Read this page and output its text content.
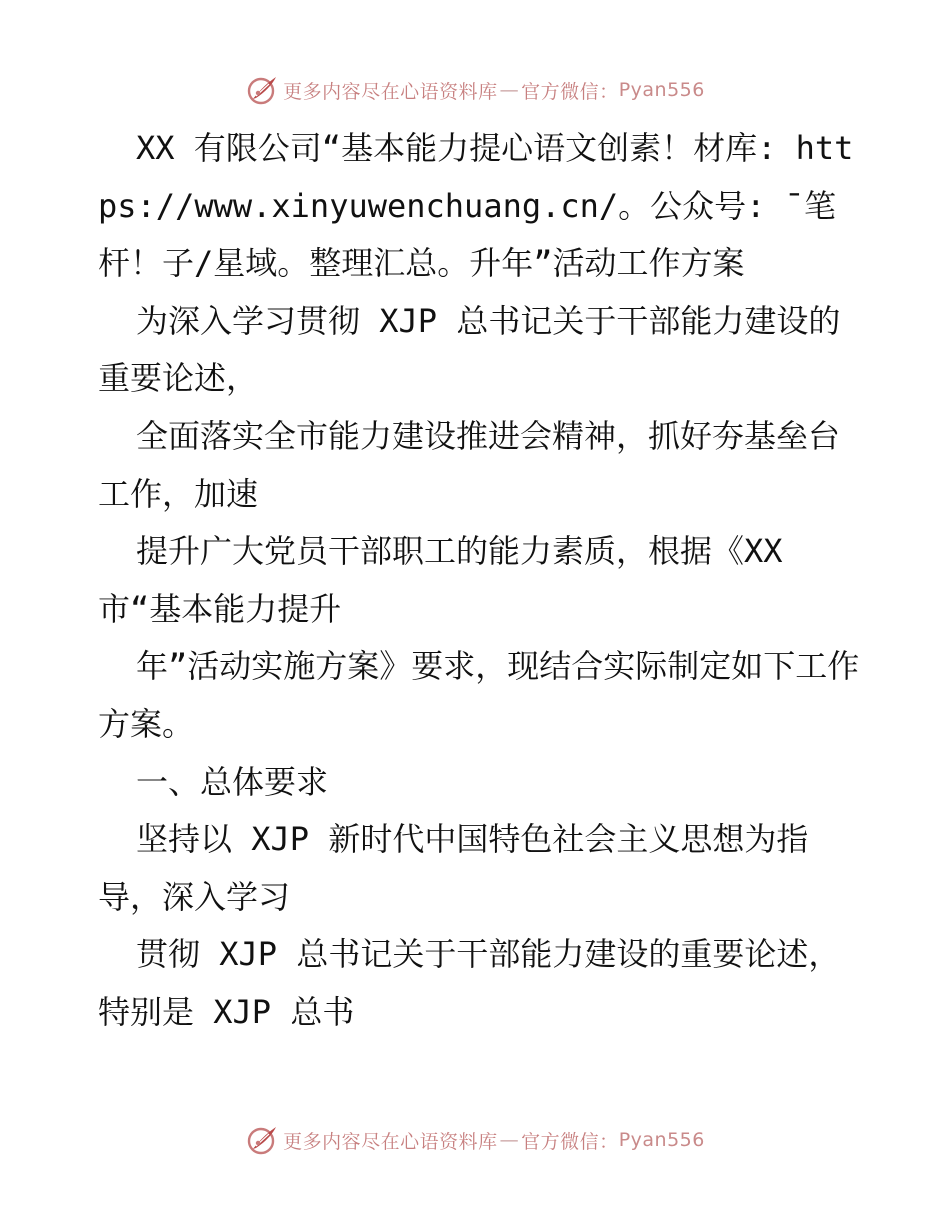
更多内容尽在心语资料库 — 官方微信： Pyan556

XX 有限公司“基本能力提心语文创素！材库: https://www.xinyuwenchuang.cn/。公众号: ¯笔杆！子/星域。整理汇总。升年”活动工作方案

为深入学习贯彻 XJP 总书记关于干部能力建设的重要论述，

全面落实全市能力建设推进会精神，抓好夯基垒台工作，加速

提升广大党员干部职工的能力素质，根据《XX 市“基本能力提升

年”活动实施方案》要求，现结合实际制定如下工作方案。

一、总体要求

坚持以 XJP 新时代中国特色社会主义思想为指导，深入学习

贯彻 XJP 总书记关于干部能力建设的重要论述，特别是 XJP 总书

更多内容尽在心语资料库 — 官方微信： Pyan556
